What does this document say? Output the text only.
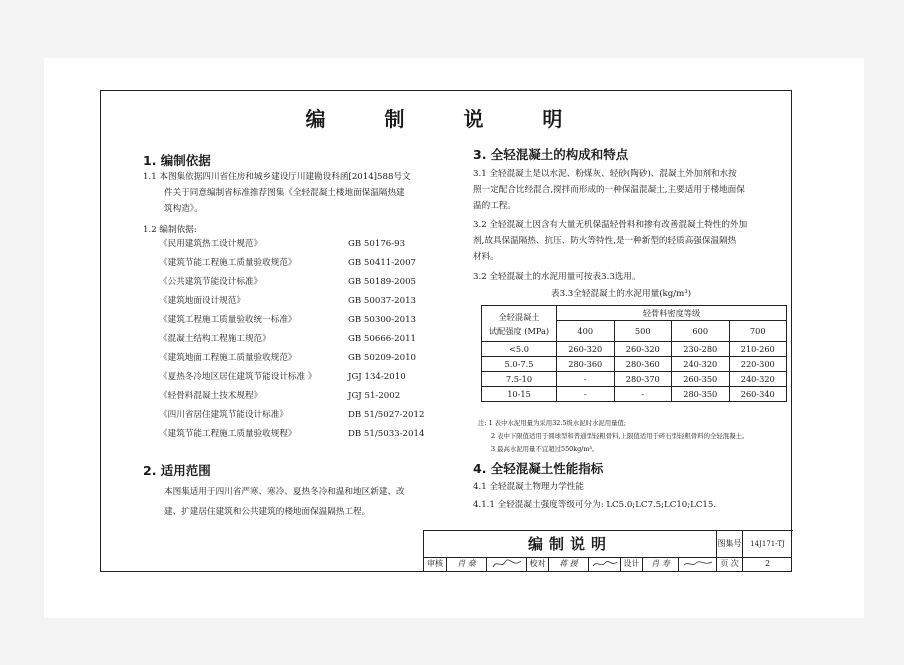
编 制 说 明
1. 编制依据
1.1 本图集依据四川省住房和城乡建设厅川建勘设科函[2014]588号文
件关于同意编制省标准推荐图集《全轻混凝土楼地面保温隔热建
筑构造》。
1.2 编制依据:
《民用建筑热工设计规范》	GB 50176-93
《建筑节能工程施工质量验收规范》	GB 50411-2007
《公共建筑节能设计标准》	GB 50189-2005
《建筑地面设计规范》	GB 50037-2013
《建筑工程施工质量验收统一标准》	GB 50300-2013
《混凝土结构工程施工规范》	GB 50666-2011
《建筑地面工程施工质量验收规范》	GB 50209-2010
《夏热冬冷地区居住建筑节能设计标准 》	JGJ 134-2010
《轻骨料混凝土技术规程》	JGJ 51-2002
《四川省居住建筑节能设计标准》	DB 51/5027-2012
《建筑节能工程施工质量验收规程》	DB 51/5033-2014
2. 适用范围
本图集适用于四川省严寒、寒冷、夏热冬冷和温和地区新建、改
建、扩建居住建筑和公共建筑的楼地面保温隔热工程。
3. 全轻混凝土的构成和特点
3.1 全轻混凝土是以水泥、粉煤灰、轻砂(陶砂)、混凝土外加剂和水按
照一定配合比经混合,搅拌而形成的一种保温混凝土,主要适用于楼地面保
温的工程。
3.2 全轻混凝土因含有大量无机保温轻骨料和掺有改善混凝土特性的外加
剂,故具保温隔热、抗压、防火等特性,是一种新型的轻质高强保温隔热
材料。
3.2 全轻混凝土的水泥用量可按表3.3选用。
表3.3全轻混凝土的水泥用量(kg/m³)
全轻混凝土
试配强度 (MPa)	轻骨料密度等级			
	400	500	600	700
<5.0	260-320	260-320	230-280	210-260
5.0-7.5	280-360	280-360	240-320	220-300
7.5-10	-	280-370	260-350	240-320
10-15	-	-	280-350	260-340
注: 1 表中水泥用量为采用32.5级水泥时水泥用量值;
2 表中下限值适用于圆球型和普通型轻粗骨料,上限值适用于碎石型轻粗骨料的全轻混凝土。
3 最高水泥用量不宜超过550kg/m³。
4. 全轻混凝土性能指标
4.1 全轻混凝土物理力学性能
4.1.1 全轻混凝土强度等级可分为: LC5.0;LC7.5;LC10;LC15.
编制说明	图集号	14J171-TJ
审核	肖 燊	校对	蒋 援	设计	肖 寿	页 次	2
